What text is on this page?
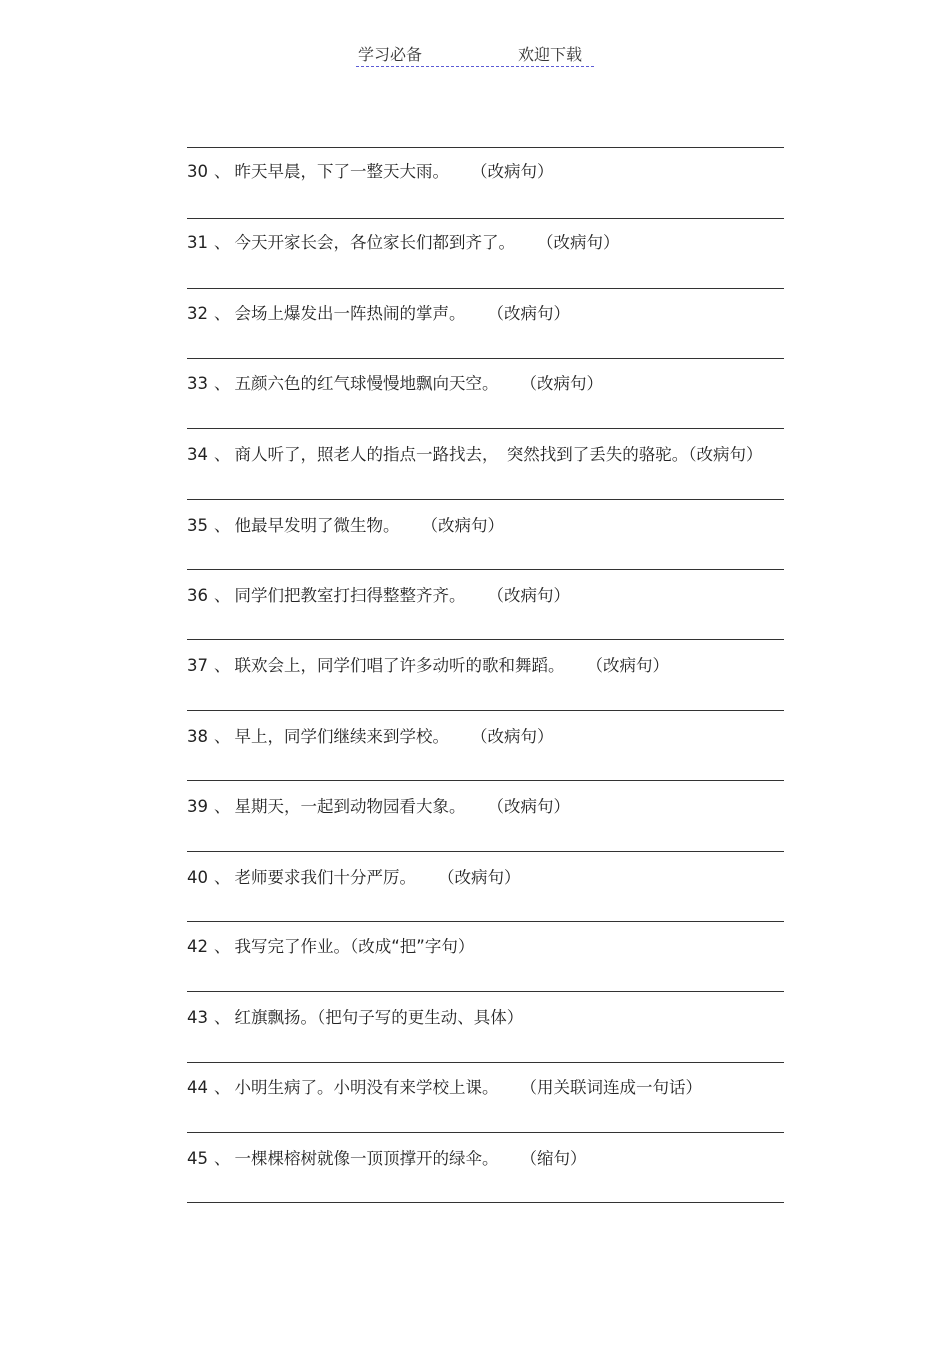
学习必备	欢迎下载
30 、 昨天早晨，下了一整天大雨。 （改病句）
31 、 今天开家长会，各位家长们都到齐了。 （改病句）
32 、 会场上爆发出一阵热闹的掌声。 （改病句）
33 、 五颜六色的红气球慢慢地飘向天空。 （改病句）
34 、 商人听了，照老人的指点一路找去，　突然找到了丢失的骆驼。（改病句）
35 、 他最早发明了微生物。 （改病句）
36 、 同学们把教室打扫得整整齐齐。 （改病句）
37 、 联欢会上，同学们唱了许多动听的歌和舞蹈。 （改病句）
38 、 早上，同学们继续来到学校。 （改病句）
39 、 星期天，一起到动物园看大象。 （改病句）
40 、 老师要求我们十分严厉。 （改病句）
42 、 我写完了作业。（改成“把”字句）
43 、 红旗飘扬。（把句子写的更生动、具体）
44 、 小明生病了。小明没有来学校上课。 （用关联词连成一句话）
45 、 一棵棵榕树就像一顶顶撑开的绿伞。 （缩句）
